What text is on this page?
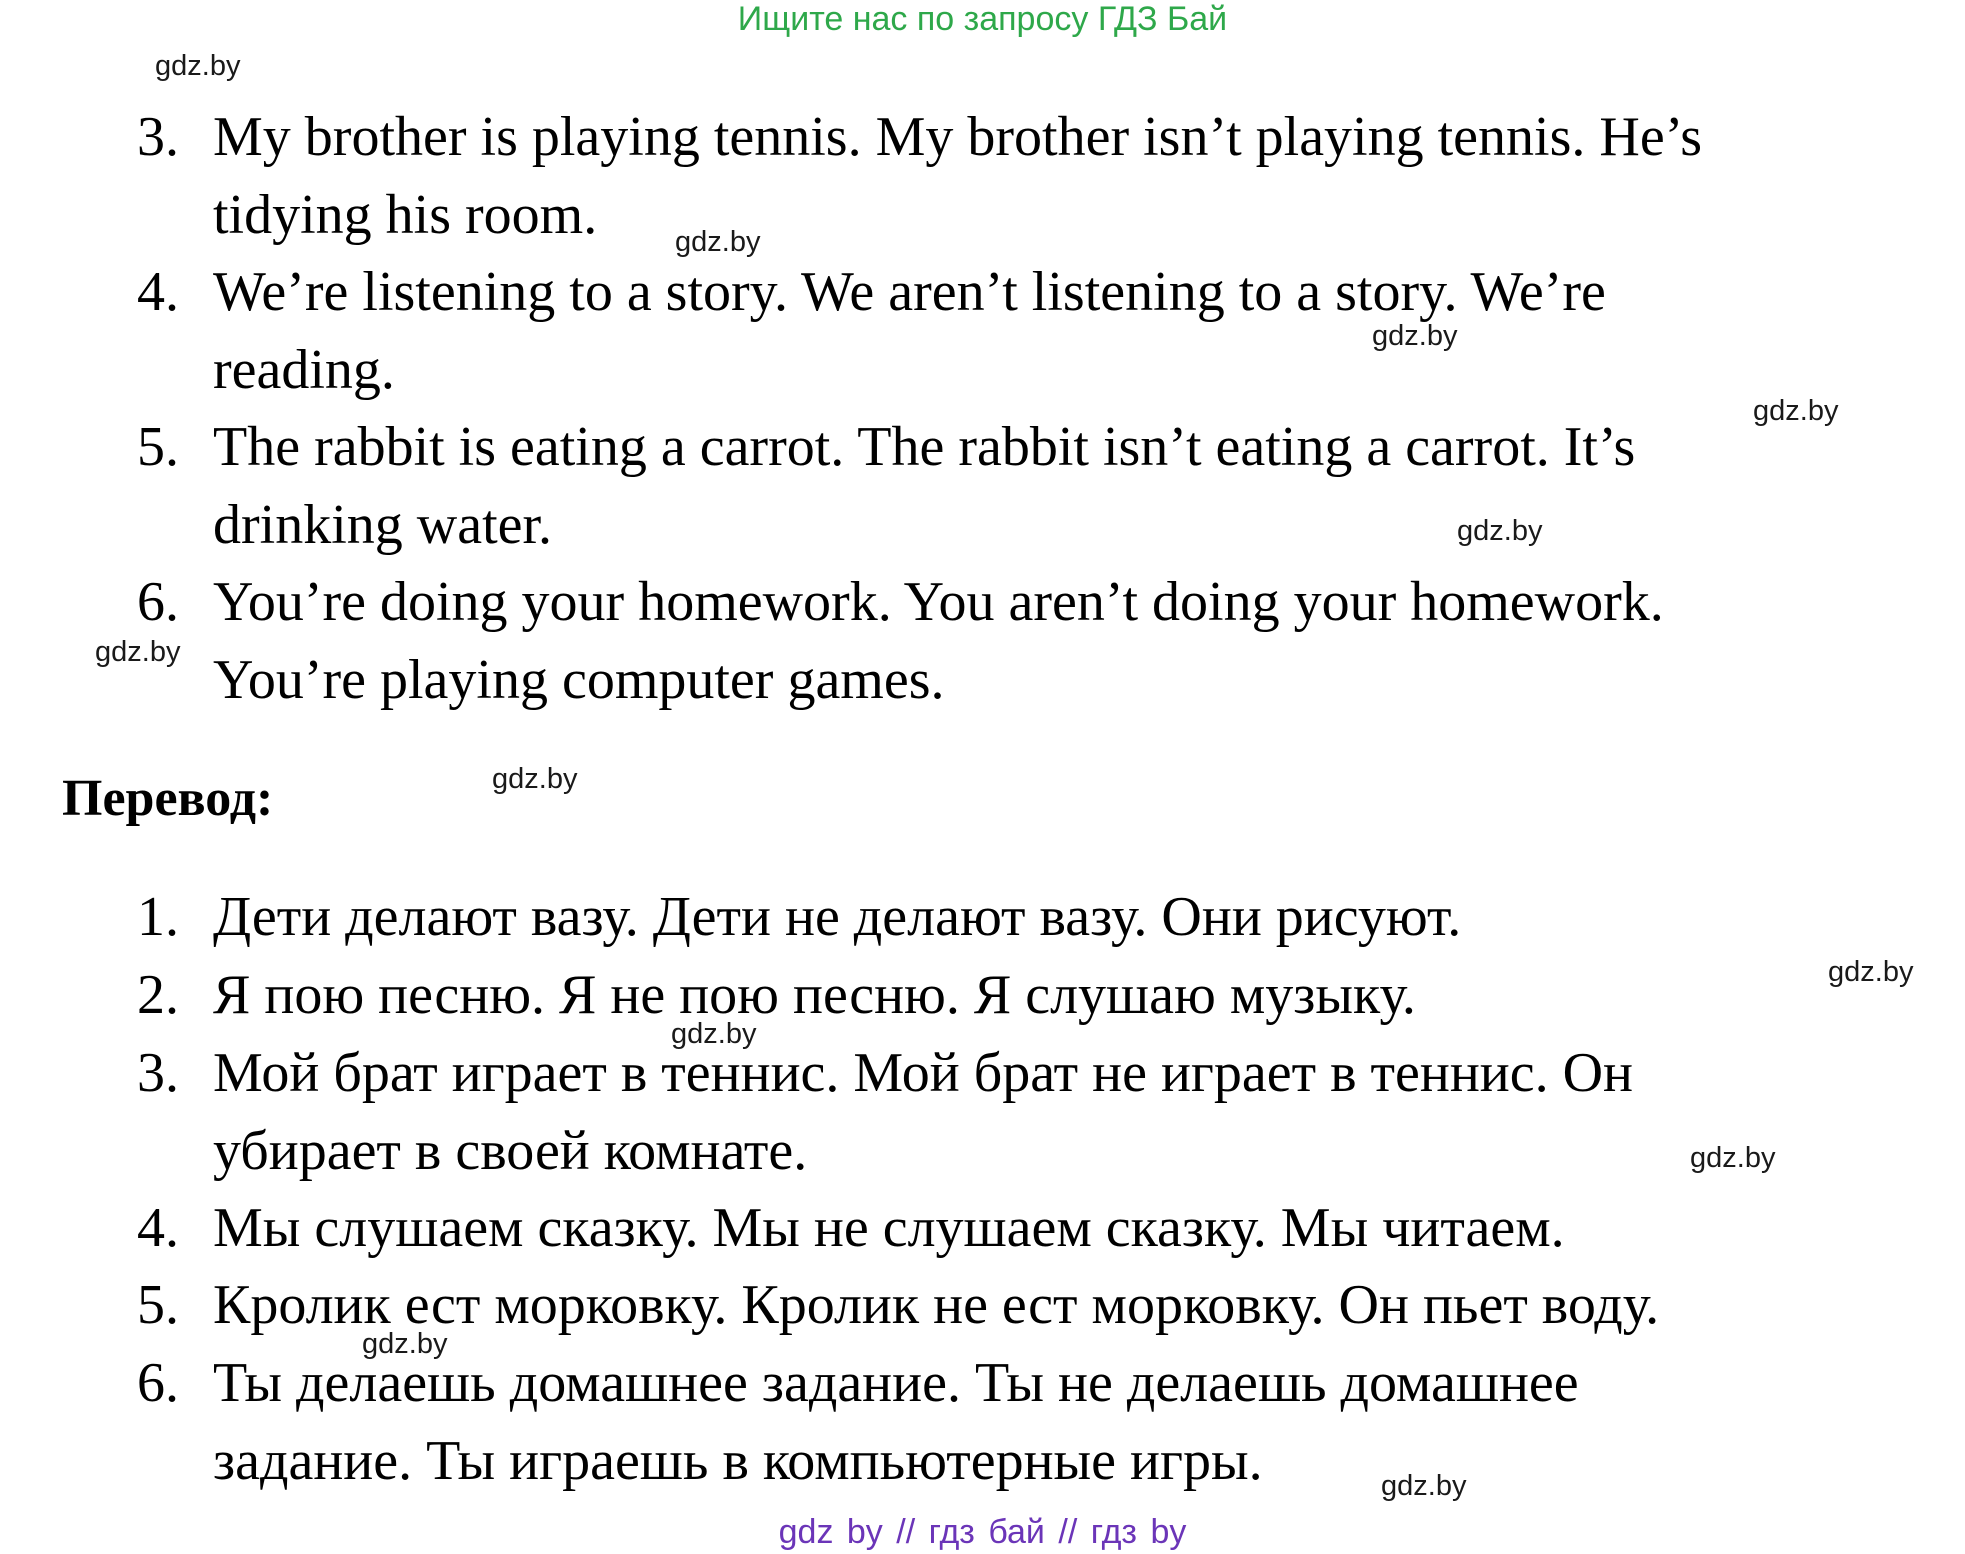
Ищите нас по запросу ГДЗ Бай
gdz.by
gdz.by
gdz.by
gdz.by
gdz.by
gdz.by
gdz.by
gdz.by
gdz.by
gdz.by
gdz.by
gdz.by
3. My brother is playing tennis. My brother isn’t playing tennis. He’s tidying his room.
4. We’re listening to a story. We aren’t listening to a story. We’re reading.
5. The rabbit is eating a carrot. The rabbit isn’t eating a carrot. It’s drinking water.
6. You’re doing your homework. You aren’t doing your homework. You’re playing computer games.
Перевод:
1. Дети делают вазу. Дети не делают вазу. Они рисуют.
2. Я пою песню. Я не пою песню. Я слушаю музыку.
3. Мой брат играет в теннис. Мой брат не играет в теннис. Он убирает в своей комнате.
4. Мы слушаем сказку. Мы не слушаем сказку. Мы читаем.
5. Кролик ест морковку. Кролик не ест морковку. Он пьет воду.
6. Ты делаешь домашнее задание. Ты не делаешь домашнее задание. Ты играешь в компьютерные игры.
gdz by // гдз бай // гдз by
